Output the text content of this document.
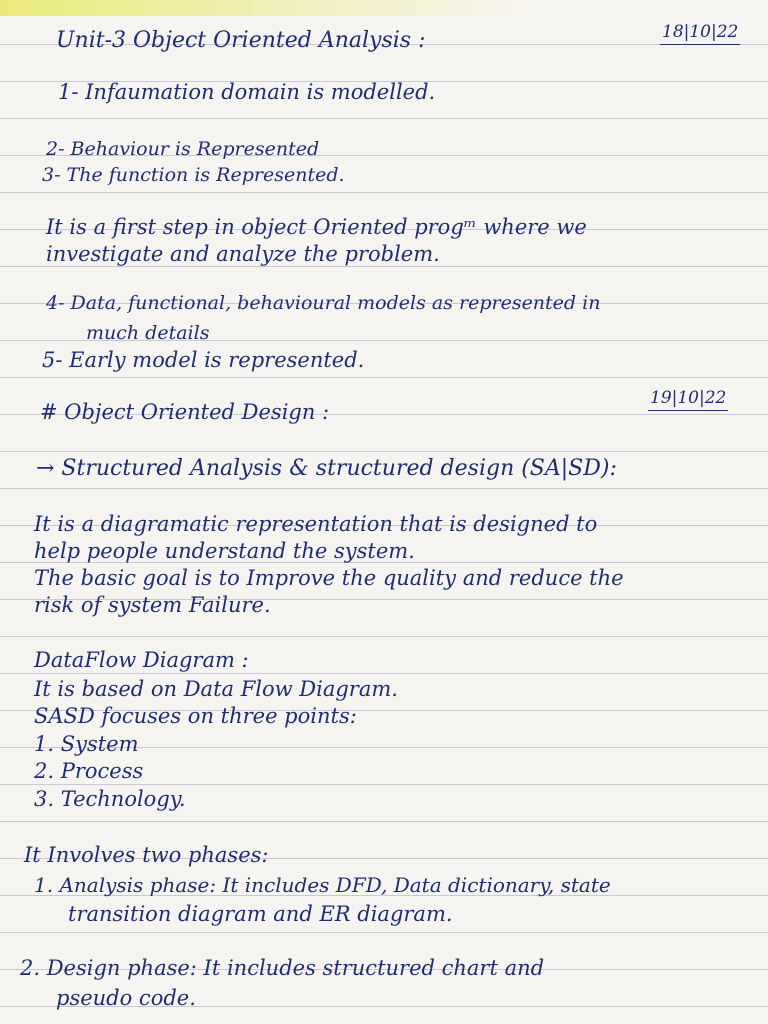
18|10|22
Unit-3 Object Oriented Analysis :
1- Infaumation domain is modelled.
2- Behaviour is Represented
3- The function is Represented.
It is a first step in object Oriented progᵐ where we
investigate and analyze the problem.
4- Data, functional, behavioural models as represented in
much details
5- Early model is represented.
19|10|22
# Object Oriented Design :
→ Structured Analysis & structured design (SA|SD):
It is a diagramatic representation that is designed to
help people understand the system.
The basic goal is to Improve the quality and reduce the
risk of system Failure.
DataFlow Diagram :
It is based on Data Flow Diagram.
SASD focuses on three points:
1. System
2. Process
3. Technology.
It Involves two phases:
1. Analysis phase: It includes DFD, Data dictionary, state
transition diagram and ER diagram.
2. Design phase: It includes structured chart and
pseudo code.
